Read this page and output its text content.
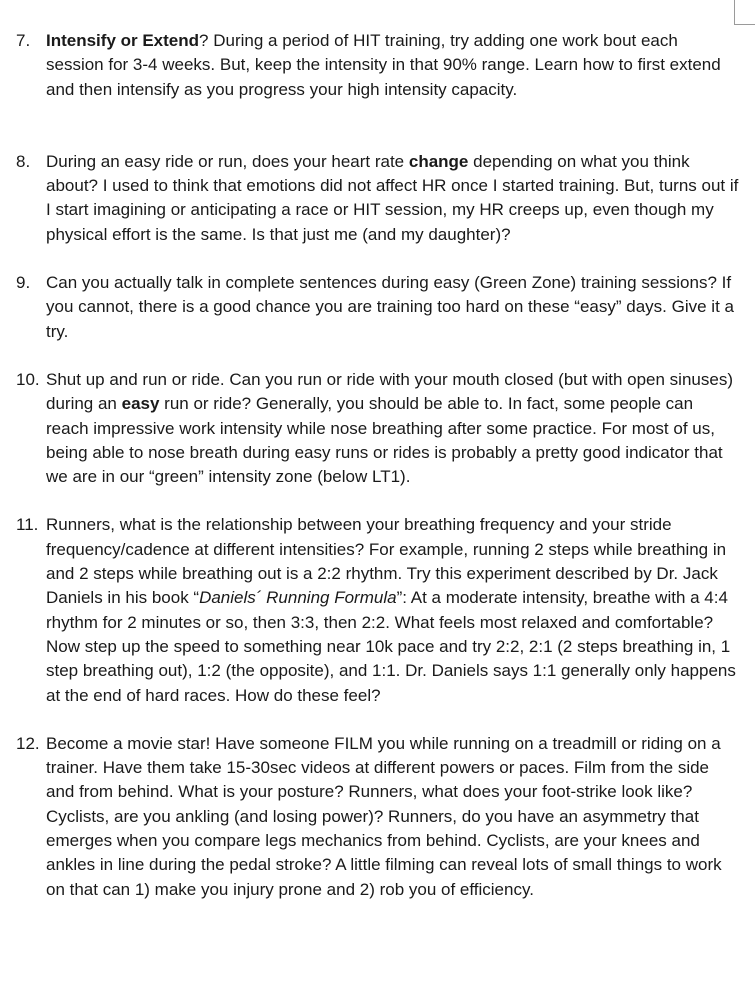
7. Intensify or Extend? During a period of HIT training, try adding one work bout each session for 3-4 weeks. But, keep the intensity in that 90% range. Learn how to first extend and then intensify as you progress your high intensity capacity.

8. During an easy ride or run, does your heart rate change depending on what you think about? I used to think that emotions did not affect HR once I started training. But, turns out if I start imagining or anticipating a race or HIT session, my HR creeps up, even though my physical effort is the same. Is that just me (and my daughter)?

9. Can you actually talk in complete sentences during easy (Green Zone) training sessions? If you cannot, there is a good chance you are training too hard on these “easy” days. Give it a try.

10. Shut up and run or ride. Can you run or ride with your mouth closed (but with open sinuses) during an easy run or ride? Generally, you should be able to. In fact, some people can reach impressive work intensity while nose breathing after some practice. For most of us, being able to nose breath during easy runs or rides is probably a pretty good indicator that we are in our “green” intensity zone (below LT1).

11. Runners, what is the relationship between your breathing frequency and your stride frequency/cadence at different intensities? For example, running 2 steps while breathing in and 2 steps while breathing out is a 2:2 rhythm. Try this experiment described by Dr. Jack Daniels in his book “Daniels´ Running Formula”: At a moderate intensity, breathe with a 4:4 rhythm for 2 minutes or so, then 3:3, then 2:2. What feels most relaxed and comfortable? Now step up the speed to something near 10k pace and try 2:2, 2:1 (2 steps breathing in, 1 step breathing out), 1:2 (the opposite), and 1:1. Dr. Daniels says 1:1 generally only happens at the end of hard races. How do these feel?

12. Become a movie star! Have someone FILM you while running on a treadmill or riding on a trainer. Have them take 15-30sec videos at different powers or paces. Film from the side and from behind. What is your posture? Runners, what does your foot-strike look like? Cyclists, are you ankling (and losing power)? Runners, do you have an asymmetry that emerges when you compare legs mechanics from behind. Cyclists, are your knees and ankles in line during the pedal stroke? A little filming can reveal lots of small things to work on that can 1) make you injury prone and 2) rob you of efficiency.
